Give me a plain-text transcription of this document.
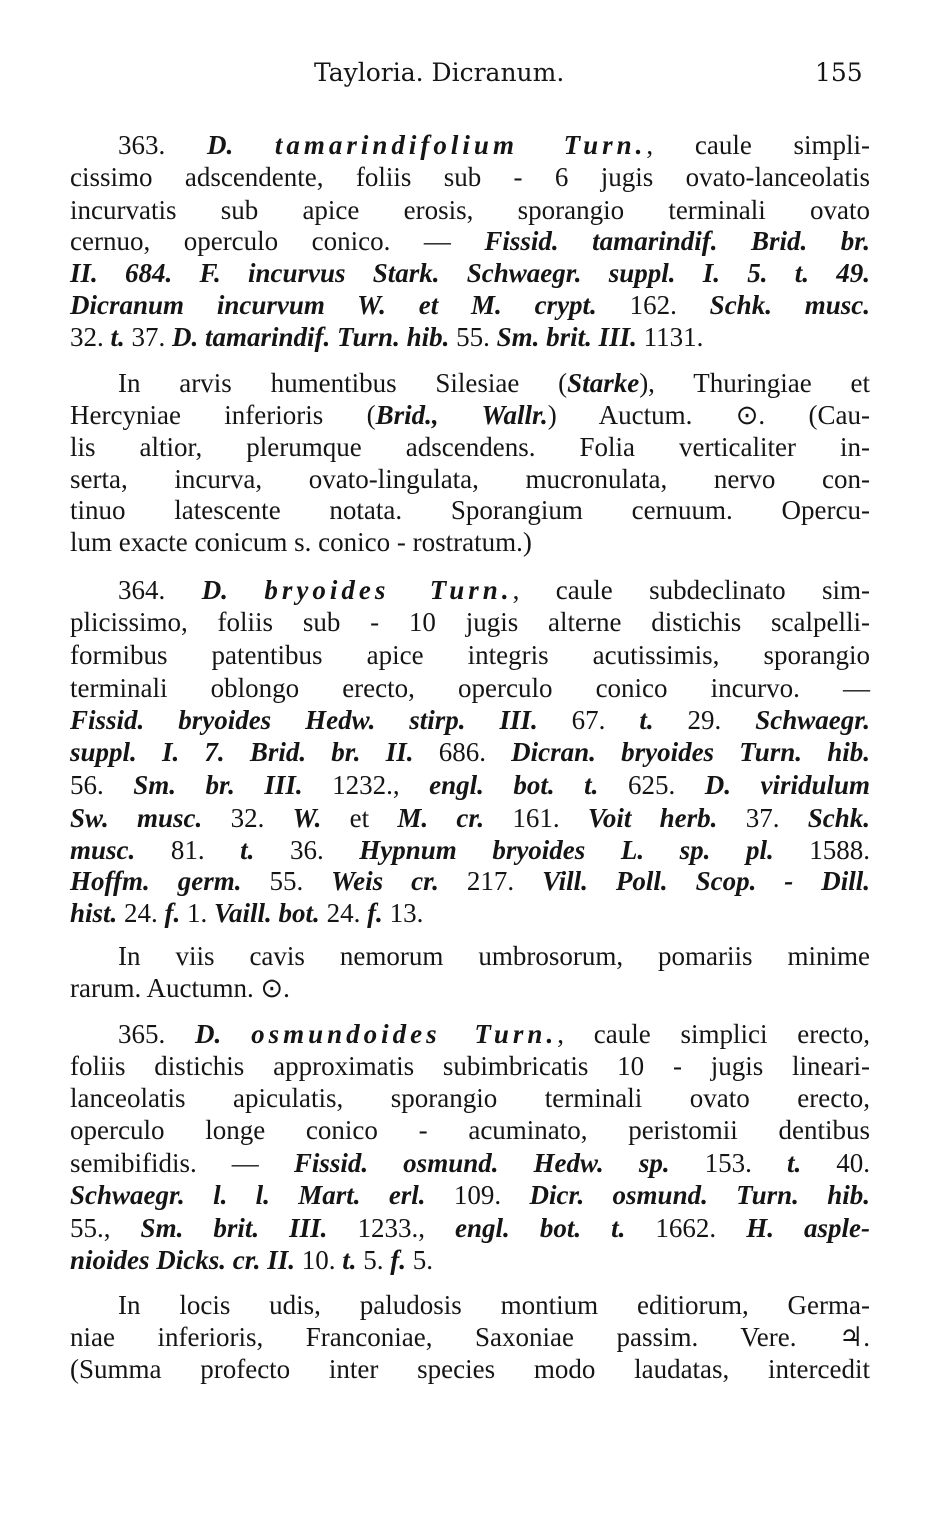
Tayloria. Dicranum.	155
363. D. tamarindifolium Turn., caule simpli-
cissimo adscendente, foliis sub - 6 jugis ovato-lanceolatis
incurvatis sub apice erosis, sporangio terminali ovato
cernuo, operculo conico. — Fissid. tamarindif. Brid. br.
II. 684. F. incurvus Stark. Schwaegr. suppl. I. 5. t. 49.
Dicranum incurvum W. et M. crypt. 162. Schk. musc.
32. t. 37. D. tamarindif. Turn. hib. 55. Sm. brit. III. 1131.
In arvis humentibus Silesiae (Starke), Thuringiae et
Hercyniae inferioris (Brid., Wallr.) Auctum. ⊙. (Cau-
lis altior, plerumque adscendens. Folia verticaliter in-
serta, incurva, ovato-lingulata, mucronulata, nervo con-
tinuo latescente notata. Sporangium cernuum. Opercu-
lum exacte conicum s. conico - rostratum.)
364. D. bryoides Turn., caule subdeclinato sim-
plicissimo, foliis sub - 10 jugis alterne distichis scalpelli-
formibus patentibus apice integris acutissimis, sporangio
terminali oblongo erecto, operculo conico incurvo. —
Fissid. bryoides Hedw. stirp. III. 67. t. 29. Schwaegr.
suppl. I. 7. Brid. br. II. 686. Dicran. bryoides Turn. hib.
56. Sm. br. III. 1232., engl. bot. t. 625. D. viridulum
Sw. musc. 32. W. et M. cr. 161. Voit herb. 37. Schk.
musc. 81. t. 36. Hypnum bryoides L. sp. pl. 1588.
Hoffm. germ. 55. Weis cr. 217. Vill. Poll. Scop. - Dill.
hist. 24. f. 1. Vaill. bot. 24. f. 13.
In viis cavis nemorum umbrosorum, pomariis minime
rarum. Auctumn. ⊙.
365. D. osmundoides Turn., caule simplici erecto,
foliis distichis approximatis subimbricatis 10 - jugis lineari-
lanceolatis apiculatis, sporangio terminali ovato erecto,
operculo longe conico - acuminato, peristomii dentibus
semibifidis. — Fissid. osmund. Hedw. sp. 153. t. 40.
Schwaegr. l. l. Mart. erl. 109. Dicr. osmund. Turn. hib.
55., Sm. brit. III. 1233., engl. bot. t. 1662. H. asple-
nioides Dicks. cr. II. 10. t. 5. f. 5.
In locis udis, paludosis montium editiorum, Germa-
niae inferioris, Franconiae, Saxoniae passim. Vere. ♃.
(Summa profecto inter species modo laudatas, intercedit
